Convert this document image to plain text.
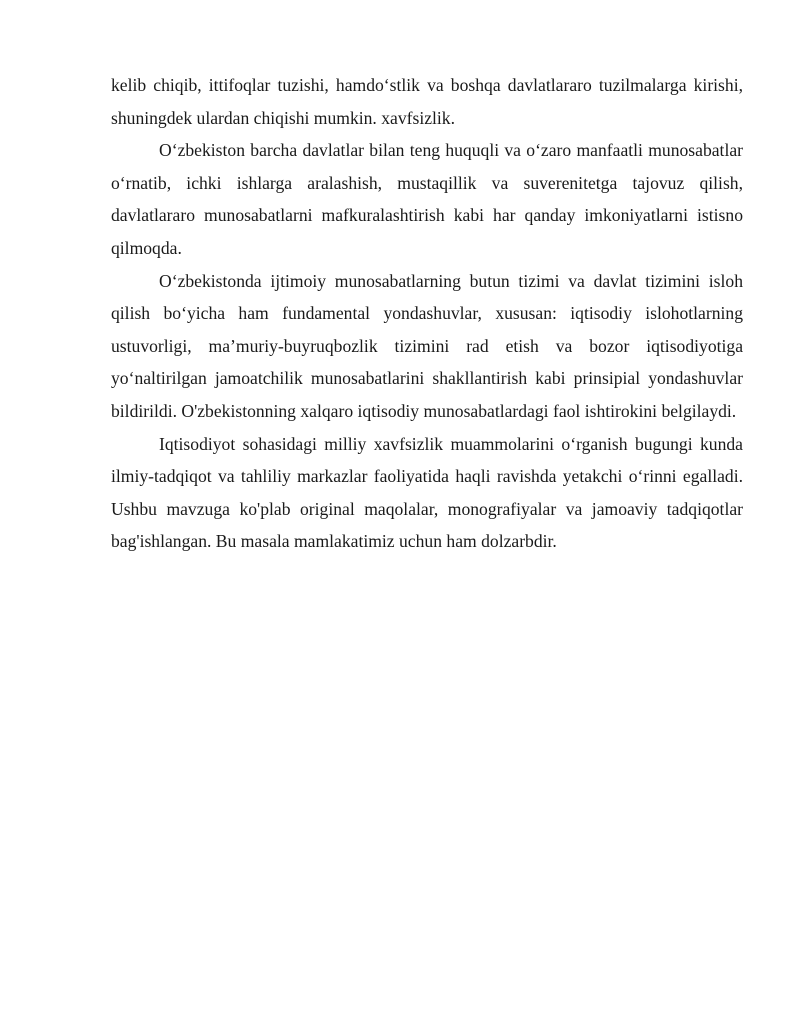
kelib chiqib, ittifoqlar tuzishi, hamdo‘stlik va boshqa davlatlararo tuzilmalarga kirishi, shuningdek ulardan chiqishi mumkin. xavfsizlik.

O‘zbekiston barcha davlatlar bilan teng huquqli va o‘zaro manfaatli munosabatlar o‘rnatib, ichki ishlarga aralashish, mustaqillik va suverenitetga tajovuz qilish, davlatlararo munosabatlarni mafkuralashtirish kabi har qanday imkoniyatlarni istisno qilmoqda.

O‘zbekistonda ijtimoiy munosabatlarning butun tizimi va davlat tizimini isloh qilish bo‘yicha ham fundamental yondashuvlar, xususan: iqtisodiy islohotlarning ustuvorligi, ma’muriy-buyruqbozlik tizimini rad etish va bozor iqtisodiyotiga yo‘naltirilgan jamoatchilik munosabatlarini shakllantirish kabi prinsipial yondashuvlar bildirildi. O'zbekistonning xalqaro iqtisodiy munosabatlardagi faol ishtirokini belgilaydi.

Iqtisodiyot sohasidagi milliy xavfsizlik muammolarini o‘rganish bugungi kunda ilmiy-tadqiqot va tahliliy markazlar faoliyatida haqli ravishda yetakchi o‘rinni egalladi. Ushbu mavzuga ko'plab original maqolalar, monografiyalar va jamoaviy tadqiqotlar bag'ishlangan. Bu masala mamlakatimiz uchun ham dolzarbdir.
